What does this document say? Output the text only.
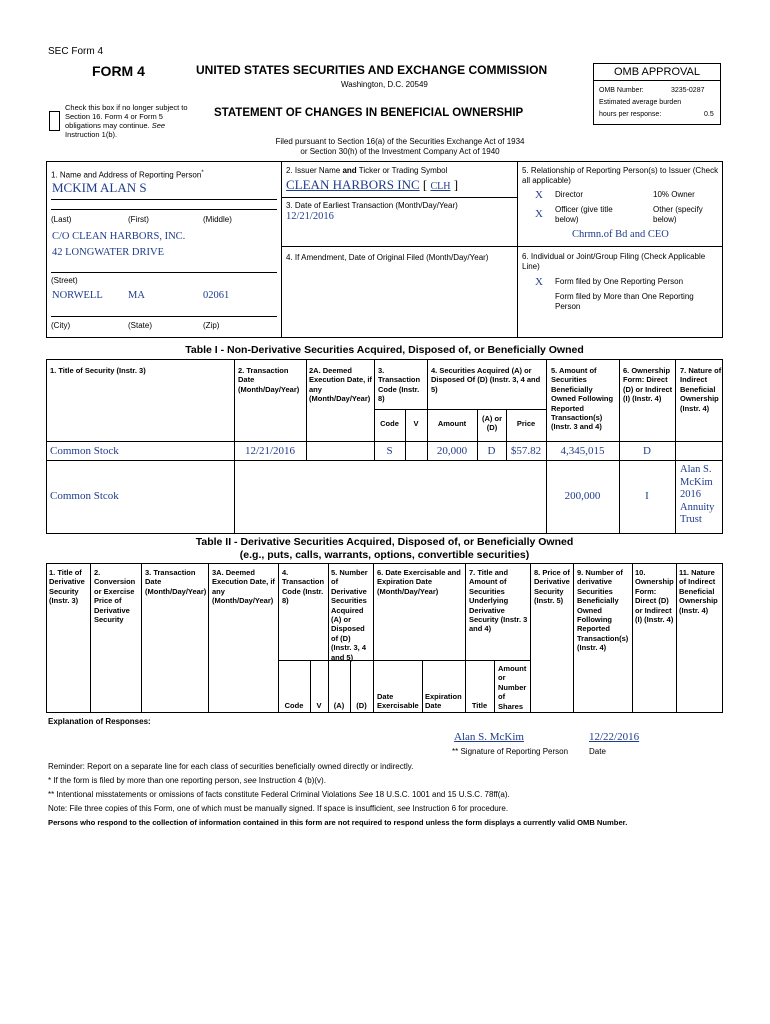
SEC Form 4
FORM 4	UNITED STATES SECURITIES AND EXCHANGE COMMISSION
Washington, D.C. 20549
Check this box if no longer subject to Section 16. Form 4 or Form 5 obligations may continue. See Instruction 1(b).
STATEMENT OF CHANGES IN BENEFICIAL OWNERSHIP
Filed pursuant to Section 16(a) of the Securities Exchange Act of 1934
or Section 30(h) of the Investment Company Act of 1940
OMB APPROVAL
OMB Number:	3235-0287
Estimated average burden
hours per response:	0.5
1. Name and Address of Reporting Person*
MCKIM ALAN S
(Last)	(First)	(Middle)
C/O CLEAN HARBORS, INC.
42 LONGWATER DRIVE
(Street)
NORWELL MA	02061
(City)	(State)	(Zip)
2. Issuer Name and Ticker or Trading Symbol
CLEAN HARBORS INC [ CLH ]
3. Date of Earliest Transaction (Month/Day/Year)
12/21/2016
4. If Amendment, Date of Original Filed (Month/Day/Year)
5. Relationship of Reporting Person(s) to Issuer (Check all applicable)
X Director	10% Owner
X Officer (give title below)
Other (specify below)
Chrmn.of Bd and CEO
6. Individual or Joint/Group Filing (Check Applicable Line)
X Form filed by One Reporting Person
Form filed by More than One Reporting Person
Table I - Non-Derivative Securities Acquired, Disposed of, or Beneficially Owned
1. Title of Security (Instr. 3)	2. Transaction Date (Month/Day/Year)
2A. Deemed Execution Date, if any (Month/Day/Year)
3. Transaction Code (Instr. 8)
4. Securities Acquired (A) or Disposed Of (D) (Instr. 3, 4 and 5)
5. Amount of Securities Beneficially Owned Following Reported Transaction(s) (Instr. 3 and 4)
6. Ownership Form: Direct (D) or Indirect (I) (Instr. 4)
7. Nature of Indirect Beneficial Ownership (Instr. 4)
Code	V	Amount
(A) or (D)	Price
Common Stock	12/21/2016	S	20,000	D	$57.82	4,345,015	D
Common Stcok	200,000	I
Alan S. McKim 2016 Annuity Trust
Table II - Derivative Securities Acquired, Disposed of, or Beneficially Owned
(e.g., puts, calls, warrants, options, convertible securities)
1. Title of Derivative Security (Instr. 3)
2. Conversion or Exercise Price of Derivative Security
3. Transaction Date (Month/Day/Year)
3A. Deemed Execution Date, if any (Month/Day/Year)
4. Transaction Code (Instr. 8)
5. Number of Derivative Securities Acquired (A) or Disposed of (D) (Instr. 3, 4 and 5)
6. Date Exercisable and Expiration Date (Month/Day/Year)
7. Title and Amount of Securities Underlying Derivative Security (Instr. 3 and 4)
8. Price of Derivative Security (Instr. 5)
9. Number of derivative Securities Beneficially Owned Following Reported Transaction(s) (Instr. 4)
10. Ownership Form: Direct (D) or Indirect (I) (Instr. 4)
11. Nature of Indirect Beneficial Ownership (Instr. 4)
Code	V	(A)	(D)
Date Exercisable
Expiration Date	Title
Amount or Number of Shares
Explanation of Responses:
Alan S. McKim	12/22/2016
** Signature of Reporting Person	Date
Reminder: Report on a separate line for each class of securities beneficially owned directly or indirectly.
* If the form is filed by more than one reporting person, see Instruction 4 (b)(v).
** Intentional misstatements or omissions of facts constitute Federal Criminal Violations See 18 U.S.C. 1001 and 15 U.S.C. 78ff(a).
Note: File three copies of this Form, one of which must be manually signed. If space is insufficient, see Instruction 6 for procedure.
Persons who respond to the collection of information contained in this form are not required to respond unless the form displays a currently valid OMB Number.
